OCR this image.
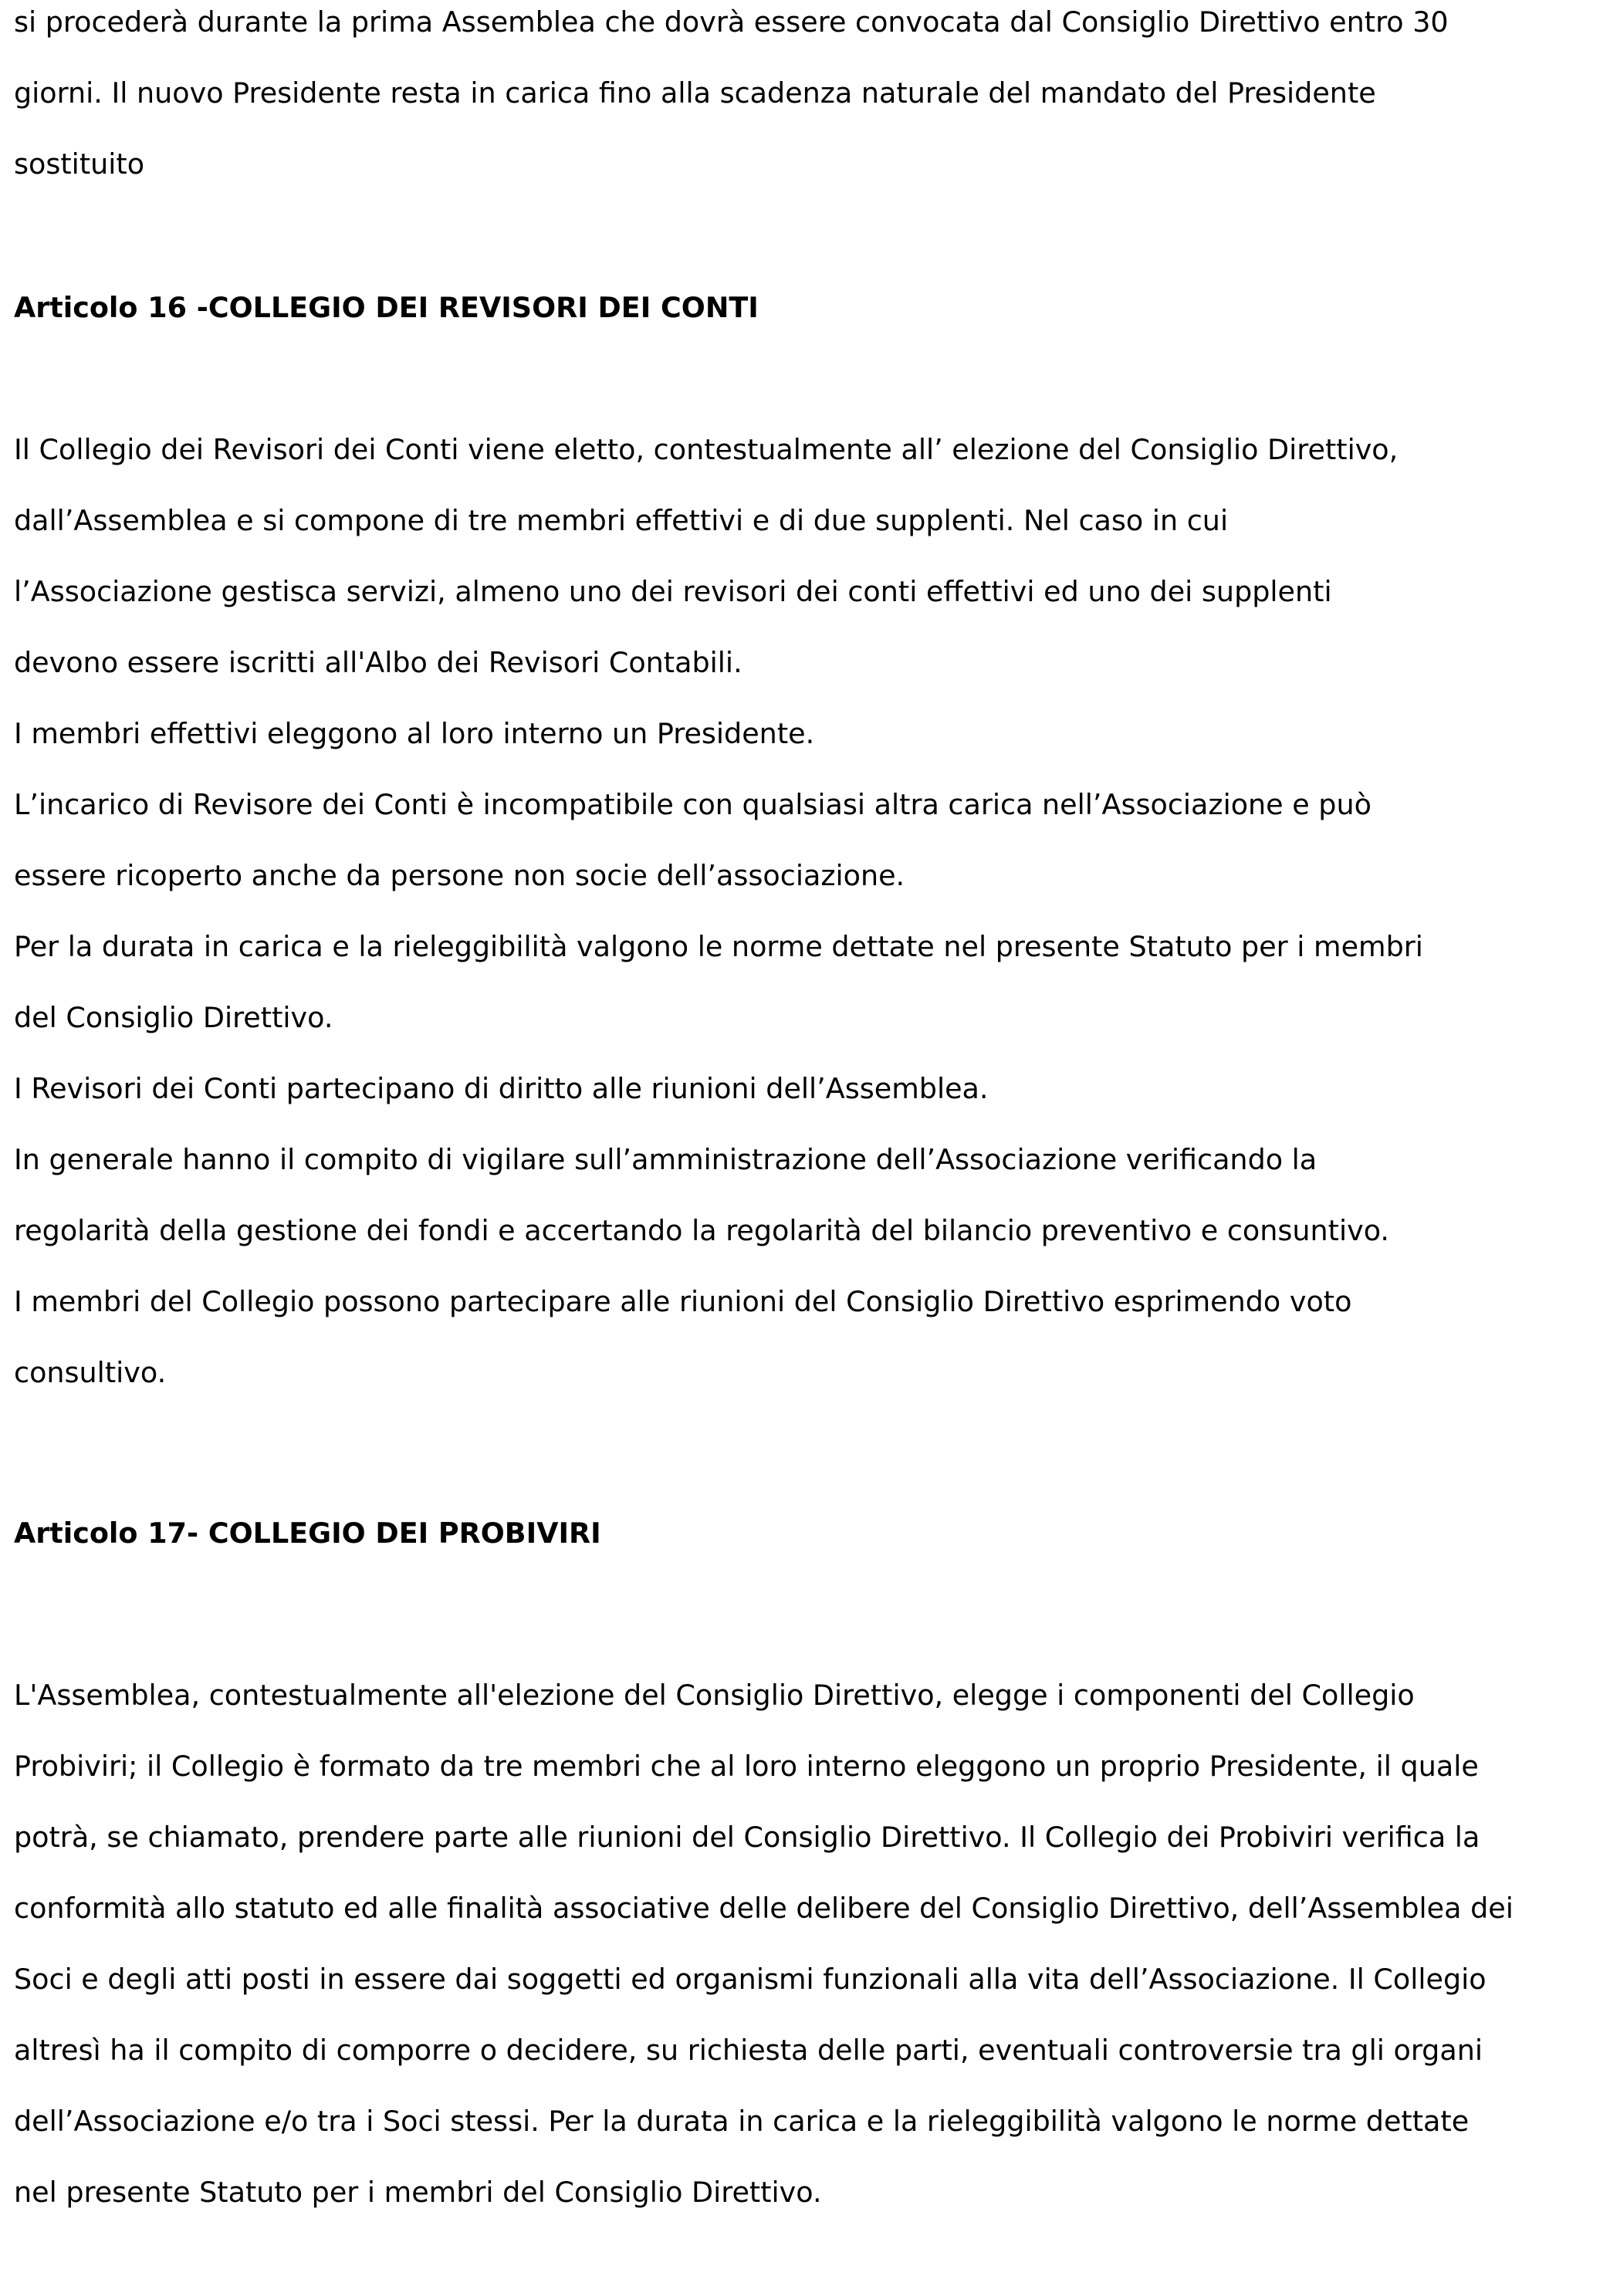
si procederà durante la prima Assemblea che dovrà essere convocata dal Consiglio Direttivo entro 30
giorni. Il nuovo Presidente resta in carica fino alla scadenza naturale del mandato del Presidente
sostituito
Articolo 16 -COLLEGIO DEI REVISORI DEI CONTI
Il Collegio dei Revisori dei Conti viene eletto, contestualmente all’ elezione del Consiglio Direttivo,
dall’Assemblea e si compone di tre membri effettivi e di due supplenti. Nel caso in cui
l’Associazione gestisca servizi, almeno uno dei revisori dei conti effettivi ed uno dei supplenti
devono essere iscritti all'Albo dei Revisori Contabili.
I membri effettivi eleggono al loro interno un Presidente.
L’incarico di Revisore dei Conti è incompatibile con qualsiasi altra carica nell’Associazione e può
essere ricoperto anche da persone non socie dell’associazione.
Per la durata in carica e la rieleggibilità valgono le norme dettate nel presente Statuto per i membri
del Consiglio Direttivo.
I Revisori dei Conti partecipano di diritto alle riunioni dell’Assemblea.
In generale hanno il compito di vigilare sull’amministrazione dell’Associazione verificando la
regolarità della gestione dei fondi e accertando la regolarità del bilancio preventivo e consuntivo.
I membri del Collegio possono partecipare alle riunioni del Consiglio Direttivo esprimendo voto
consultivo.
Articolo 17- COLLEGIO DEI PROBIVIRI
L'Assemblea, contestualmente all'elezione del Consiglio Direttivo, elegge i componenti del Collegio
Probiviri; il Collegio è formato da tre membri che al loro interno eleggono un proprio Presidente, il quale
potrà, se chiamato, prendere parte alle riunioni del Consiglio Direttivo. Il Collegio dei Probiviri verifica la
conformità allo statuto ed alle finalità associative delle delibere del Consiglio Direttivo, dell’Assemblea dei
Soci e degli atti posti in essere dai soggetti ed organismi funzionali alla vita dell’Associazione. Il Collegio
altresì ha il compito di comporre o decidere, su richiesta delle parti, eventuali controversie tra gli organi
dell’Associazione e/o tra i Soci stessi. Per la durata in carica e la rieleggibilità valgono le norme dettate
nel presente Statuto per i membri del Consiglio Direttivo.
